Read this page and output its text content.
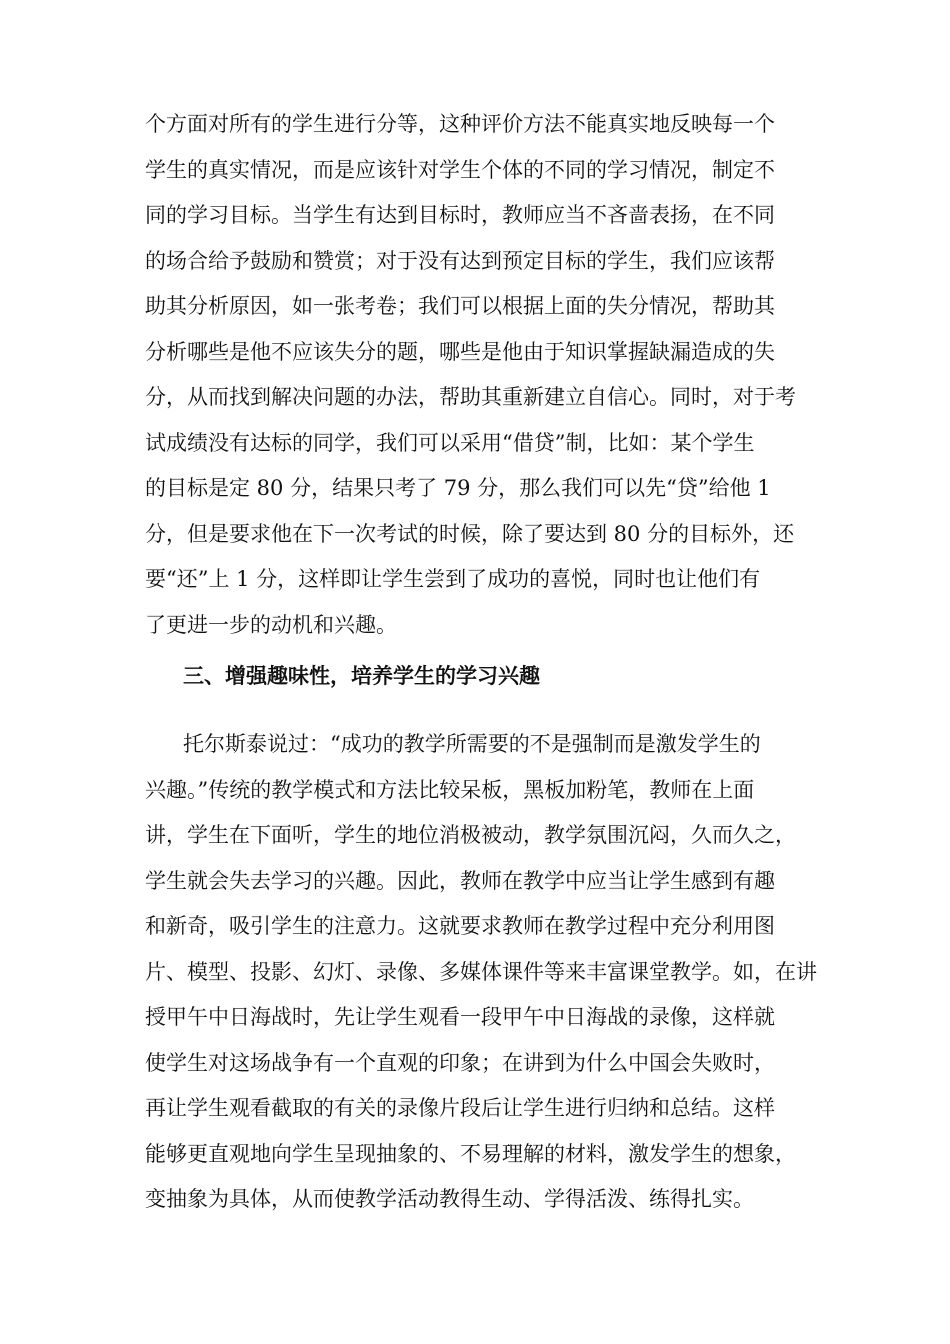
个方面对所有的学生进行分等，这种评价方法不能真实地反映每一个
学生的真实情况，而是应该针对学生个体的不同的学习情况，制定不
同的学习目标。当学生有达到目标时，教师应当不吝啬表扬，在不同
的场合给予鼓励和赞赏；对于没有达到预定目标的学生，我们应该帮
助其分析原因，如一张考卷；我们可以根据上面的失分情况，帮助其
分析哪些是他不应该失分的题，哪些是他由于知识掌握缺漏造成的失
分，从而找到解决问题的办法，帮助其重新建立自信心。同时，对于考
试成绩没有达标的同学，我们可以采用“借贷”制，比如：某个学生
的目标是定 80 分，结果只考了 79 分，那么我们可以先“贷”给他 1
分，但是要求他在下一次考试的时候，除了要达到 80 分的目标外，还
要“还”上 1 分，这样即让学生尝到了成功的喜悦，同时也让他们有
了更进一步的动机和兴趣。
三、增强趣味性，培养学生的学习兴趣
托尔斯泰说过：“成功的教学所需要的不是强制而是激发学生的
兴趣。”传统的教学模式和方法比较呆板，黑板加粉笔，教师在上面
讲，学生在下面听，学生的地位消极被动，教学氛围沉闷，久而久之，
学生就会失去学习的兴趣。因此，教师在教学中应当让学生感到有趣
和新奇，吸引学生的注意力。这就要求教师在教学过程中充分利用图
片、模型、投影、幻灯、录像、多媒体课件等来丰富课堂教学。如，在讲
授甲午中日海战时，先让学生观看一段甲午中日海战的录像，这样就
使学生对这场战争有一个直观的印象；在讲到为什么中国会失败时，
再让学生观看截取的有关的录像片段后让学生进行归纳和总结。这样
能够更直观地向学生呈现抽象的、不易理解的材料，激发学生的想象，
变抽象为具体，从而使教学活动教得生动、学得活泼、练得扎实。
